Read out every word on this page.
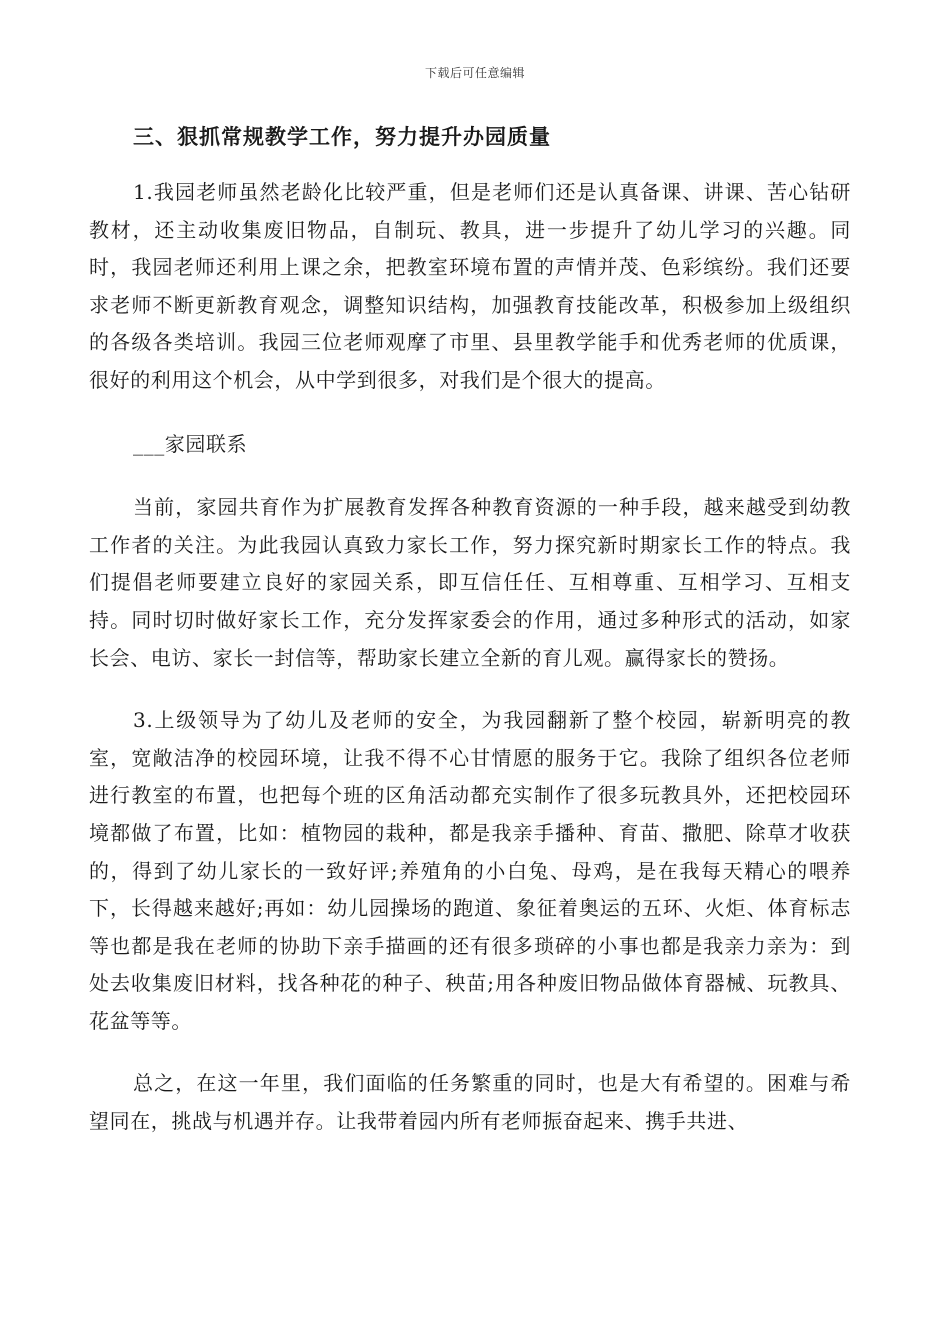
下载后可任意编辑
三、狠抓常规教学工作，努力提升办园质量

1.我园老师虽然老龄化比较严重，但是老师们还是认真备课、讲课、苦心钻研教材，还主动收集废旧物品，自制玩、教具，进一步提升了幼儿学习的兴趣。同时，我园老师还利用上课之余，把教室环境布置的声情并茂、色彩缤纷。我们还要求老师不断更新教育观念，调整知识结构，加强教育技能改革，积极参加上级组织的各级各类培训。我园三位老师观摩了市里、县里教学能手和优秀老师的优质课，很好的利用这个机会，从中学到很多，对我们是个很大的提高。

___家园联系

当前，家园共育作为扩展教育发挥各种教育资源的一种手段，越来越受到幼教工作者的关注。为此我园认真致力家长工作，努力探究新时期家长工作的特点。我们提倡老师要建立良好的家园关系，即互信任任、互相尊重、互相学习、互相支持。同时切时做好家长工作，充分发挥家委会的作用，通过多种形式的活动，如家长会、电访、家长一封信等，帮助家长建立全新的育儿观。赢得家长的赞扬。

3.上级领导为了幼儿及老师的安全，为我园翻新了整个校园，崭新明亮的教室，宽敞洁净的校园环境，让我不得不心甘情愿的服务于它。我除了组织各位老师进行教室的布置，也把每个班的区角活动都充实制作了很多玩教具外，还把校园环境都做了布置，比如：植物园的栽种，都是我亲手播种、育苗、撒肥、除草才收获的，得到了幼儿家长的一致好评;养殖角的小白兔、母鸡，是在我每天精心的喂养下，长得越来越好;再如：幼儿园操场的跑道、象征着奥运的五环、火炬、体育标志等也都是我在老师的协助下亲手描画的还有很多琐碎的小事也都是我亲力亲为：到处去收集废旧材料，找各种花的种子、秧苗;用各种废旧物品做体育器械、玩教具、花盆等等。

总之，在这一年里，我们面临的任务繁重的同时，也是大有希望的。困难与希望同在，挑战与机遇并存。让我带着园内所有老师振奋起来、携手共进、
